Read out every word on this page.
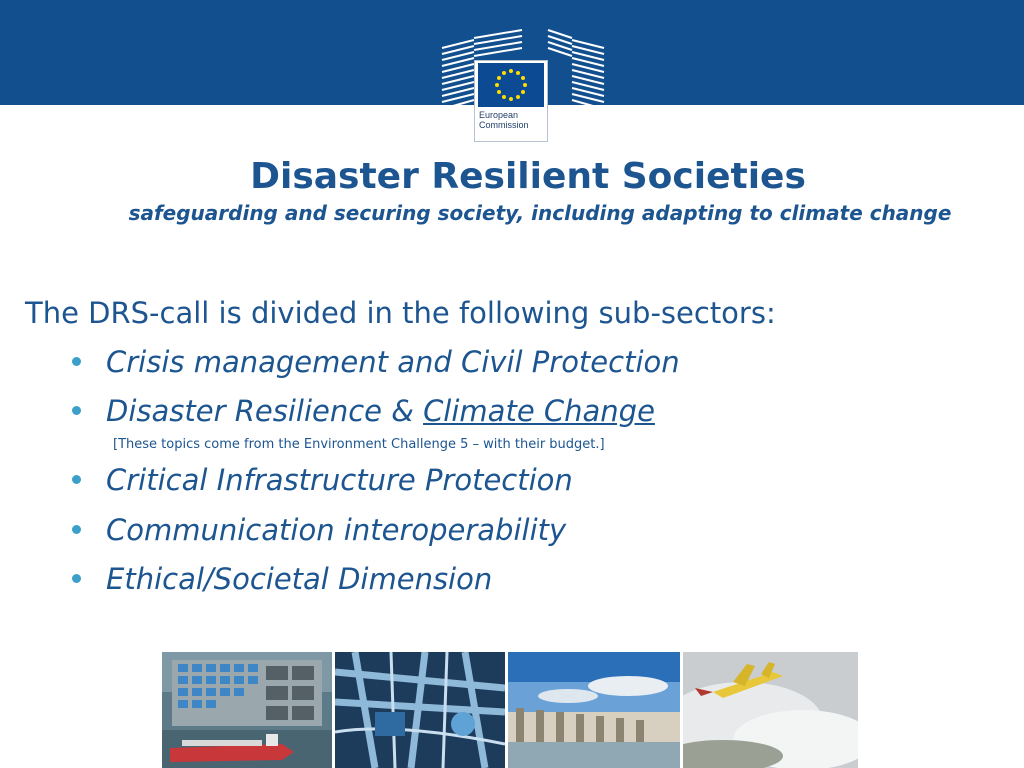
European
Commission
Disaster Resilient Societies

safeguarding and securing society, including adapting to climate change

The DRS-call is divided in the following sub-sectors:

Crisis management and Civil Protection
Disaster Resilience & Climate Change
Critical Infrastructure Protection
Communication interoperability
Ethical/Societal Dimension
[These topics come from the Environment Challenge 5 – with their budget.]
